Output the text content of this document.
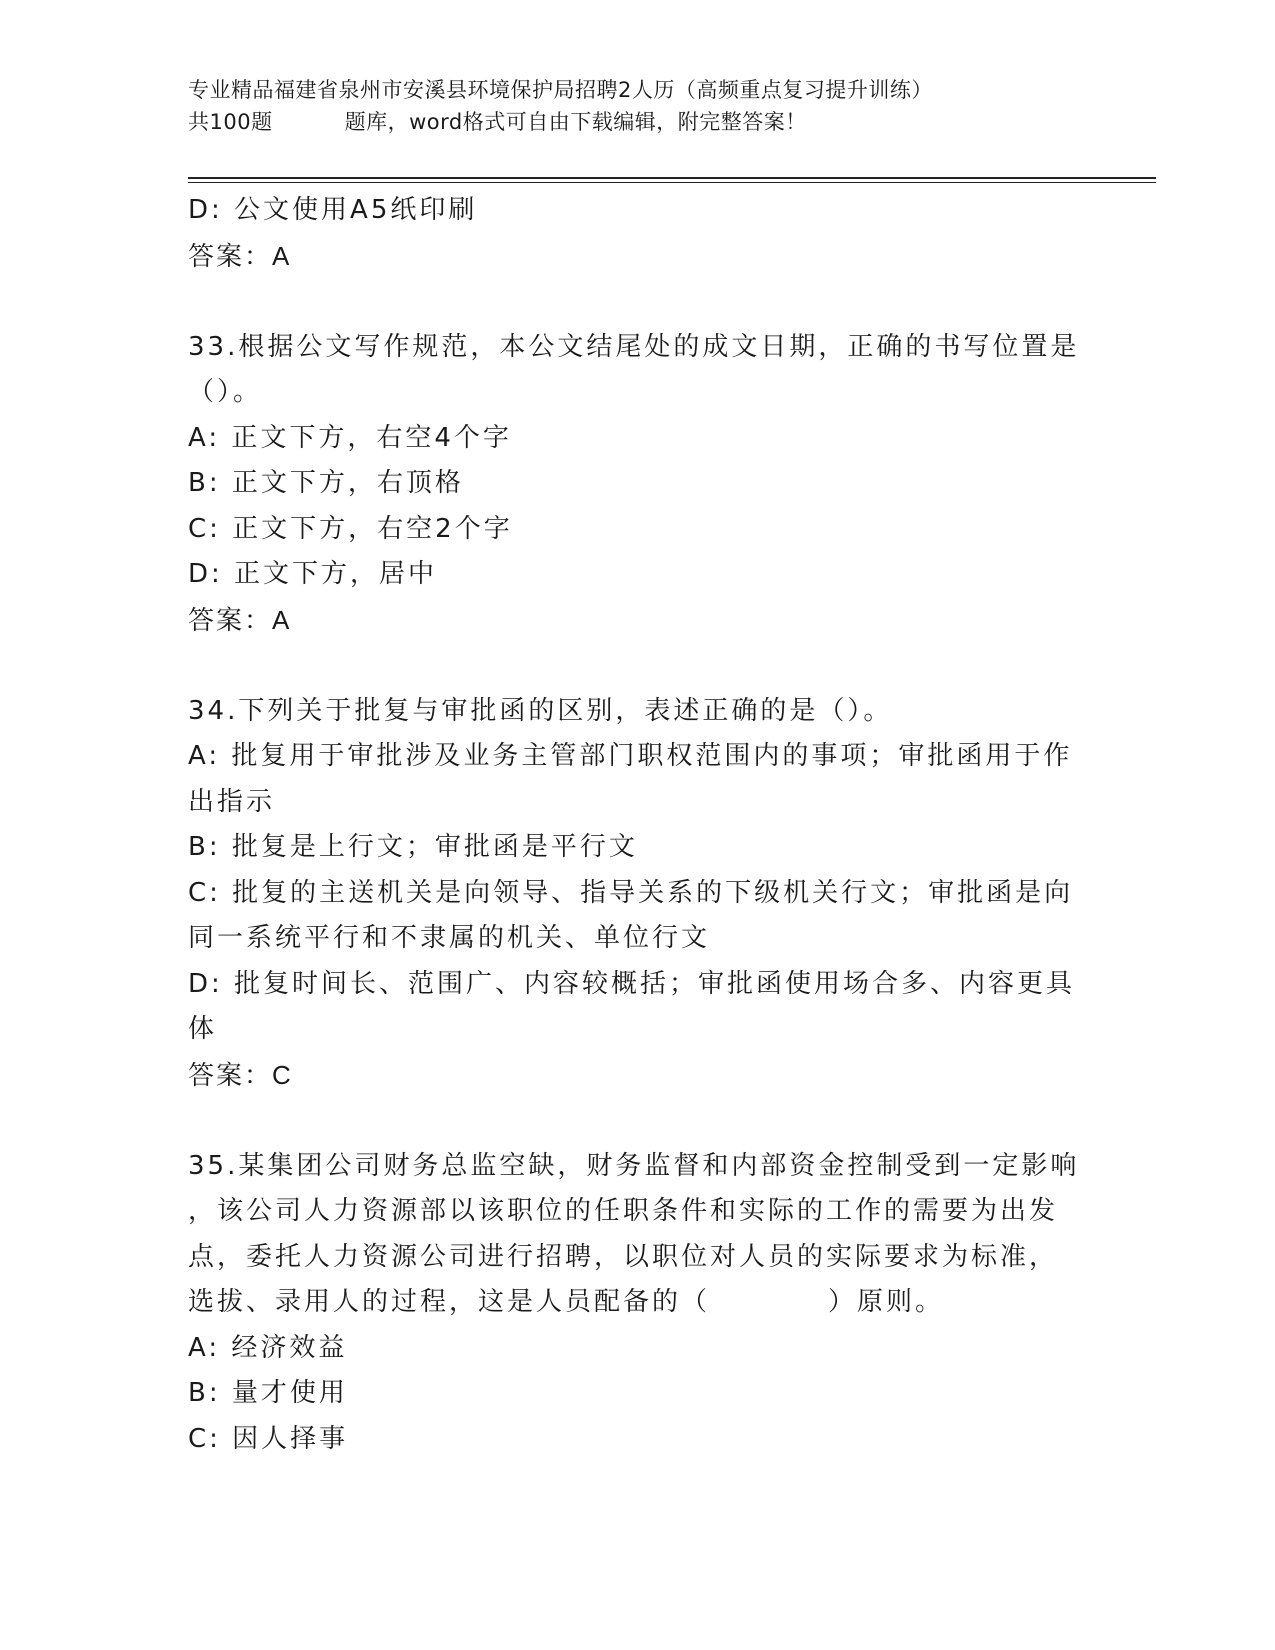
专业精品福建省泉州市安溪县环境保护局招聘2人历（高频重点复习提升训练）
共100题	题库，word格式可自由下载编辑，附完整答案！

D: 公文使用A5纸印刷

答案：A

33.根据公文写作规范，本公文结尾处的成文日期，正确的书写位置是

（）。

A: 正文下方，右空4个字

B: 正文下方，右顶格

C: 正文下方，右空2个字

D: 正文下方，居中

答案：A

34.下列关于批复与审批函的区别，表述正确的是（）。

A: 批复用于审批涉及业务主管部门职权范围内的事项；审批函用于作

出指示

B: 批复是上行文；审批函是平行文

C: 批复的主送机关是向领导、指导关系的下级机关行文；审批函是向

同一系统平行和不隶属的机关、单位行文

D: 批复时间长、范围广、内容较概括；审批函使用场合多、内容更具

体

答案：C

35.某集团公司财务总监空缺，财务监督和内部资金控制受到一定影响

，该公司人力资源部以该职位的任职条件和实际的工作的需要为出发

点，委托人力资源公司进行招聘，以职位对人员的实际要求为标准，

选拔、录用人的过程，这是人员配备的（	）原则。

A: 经济效益

B: 量才使用

C: 因人择事
